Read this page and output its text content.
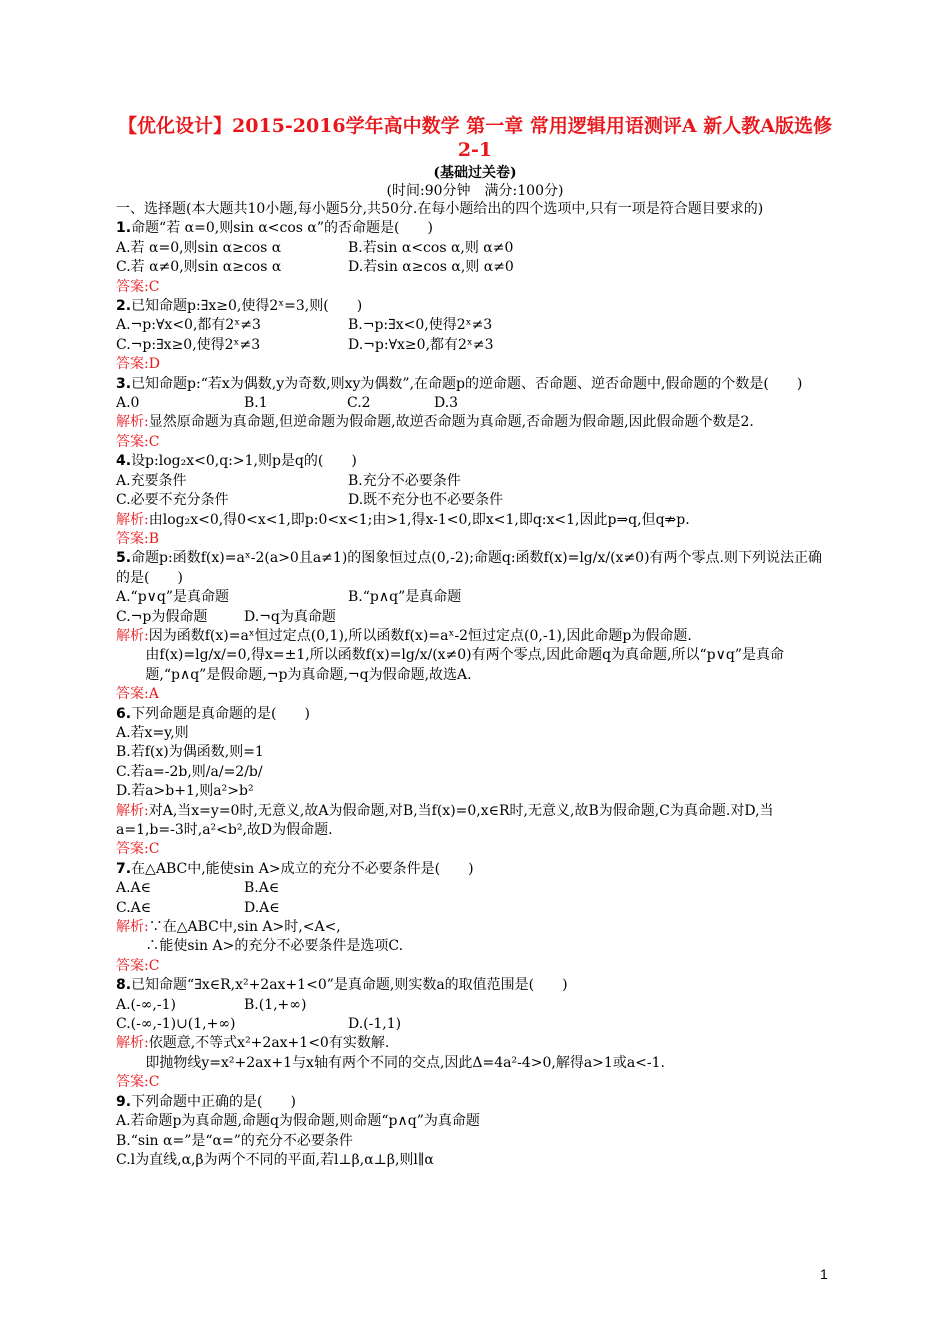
【优化设计】2015-2016学年高中数学 第一章 常用逻辑用语测评A 新人教A版选修2-1
(基础过关卷)
(时间:90分钟　满分:100分)

一、选择题(本大题共10小题,每小题5分,共50分.在每小题给出的四个选项中,只有一项是符合题目要求的)

1.命题“若 α=0,则sin α<cos α”的否命题是(　　)

A.若 α=0,则sin α≥cos α	B.若sin α<cos α,则 α≠0
C.若 α≠0,则sin α≥cos α	D.若sin α≥cos α,则 α≠0

答案:C

2.已知命题p:∃x≥0,使得2ˣ=3,则(　　)

A.¬p:∀x<0,都有2ˣ≠3	B.¬p:∃x<0,使得2ˣ≠3
C.¬p:∃x≥0,使得2ˣ≠3	D.¬p:∀x≥0,都有2ˣ≠3

答案:D

3.已知命题p:“若x为偶数,y为奇数,则xy为偶数”,在命题p的逆命题、否命题、逆否命题中,假命题的个数是(　　)

A.0	B.1	C.2	D.3

解析:显然原命题为真命题,但逆命题为假命题,故逆否命题为真命题,否命题为假命题,因此假命题个数是2.

答案:C

4.设p:log₂x<0,q:>1,则p是q的(　　)

A.充要条件	B.充分不必要条件
C.必要不充分条件	D.既不充分也不必要条件

解析:由log₂x<0,得0<x<1,即p:0<x<1;由>1,得x-1<0,即x<1,即q:x<1,因此p⇒q,但q⇏p.

答案:B

5.命题p:函数f(x)=aˣ-2(a>0且a≠1)的图象恒过点(0,-2);命题q:函数f(x)=lg/x/(x≠0)有两个零点.则下列说法正确的是(　　)

A.“p∨q”是真命题	B.“p∧q”是真命题
C.¬p为假命题	D.¬q为真命题

解析:因为函数f(x)=aˣ恒过定点(0,1),所以函数f(x)=aˣ-2恒过定点(0,-1),因此命题p为假命题.

由f(x)=lg/x/=0,得x=±1,所以函数f(x)=lg/x/(x≠0)有两个零点,因此命题q为真命题,所以“p∨q”是真命题,“p∧q”是假命题,¬p为真命题,¬q为假命题,故选A.

答案:A

6.下列命题是真命题的是(　　)

A.若x=y,则

B.若f(x)为偶函数,则=1

C.若a=-2b,则/a/=2/b/

D.若a>b+1,则a²>b²

解析:对A,当x=y=0时,无意义,故A为假命题,对B,当f(x)=0,x∈R时,无意义,故B为假命题,C为真命题.对D,当a=1,b=-3时,a²<b²,故D为假命题.

答案:C

7.在△ABC中,能使sin A>成立的充分不必要条件是(　　)

A.A∈	B.A∈
C.A∈	D.A∈

解析:∵在△ABC中,sin A>时,<A<,

∴能使sin A>的充分不必要条件是选项C.

答案:C

8.已知命题“∃x∈R,x²+2ax+1<0”是真命题,则实数a的取值范围是(　　)

A.(-∞,-1)	B.(1,+∞)
C.(-∞,-1)∪(1,+∞)	D.(-1,1)

解析:依题意,不等式x²+2ax+1<0有实数解.

即抛物线y=x²+2ax+1与x轴有两个不同的交点,因此Δ=4a²-4>0,解得a>1或a<-1.

答案:C

9.下列命题中正确的是(　　)

A.若命题p为真命题,命题q为假命题,则命题“p∧q”为真命题

B.“sin α=”是“α=”的充分不必要条件

C.l为直线,α,β为两个不同的平面,若l⊥β,α⊥β,则l∥α

1
